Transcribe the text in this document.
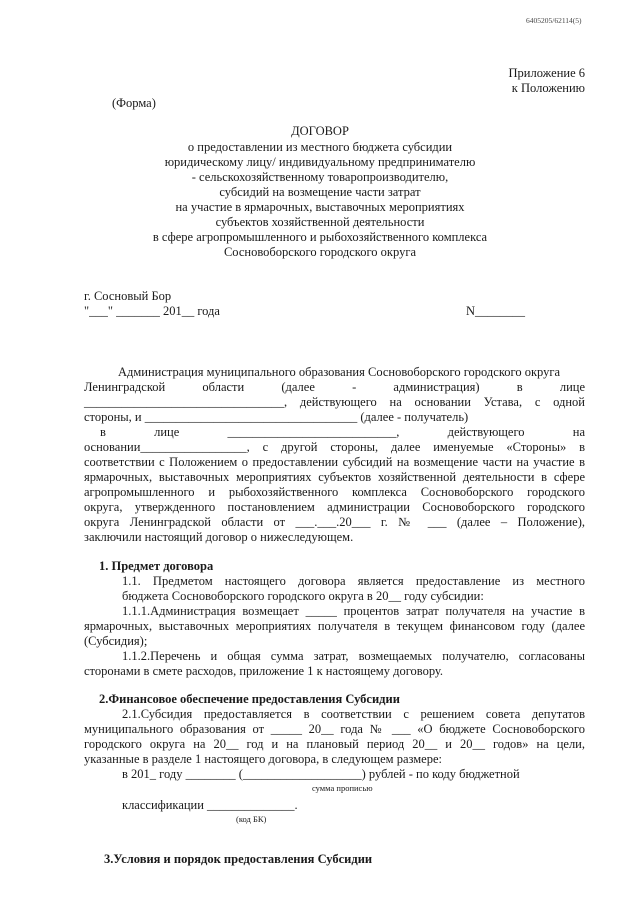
6405205/62114(5)

Приложение 6

к Положению

(Форма)

ДОГОВОР

о предоставлении из местного бюджета субсидии

юридическому лицу/ индивидуальному предпринимателю

- сельскохозяйственному товаропроизводителю,

субсидий на возмещение части затрат

на участие в ярмарочных, выставочных мероприятиях

субъектов хозяйственной деятельности

в сфере агропромышленного и рыбохозяйственного комплекса

Сосновоборского городского округа

г. Сосновый Бор

"___" _______ 201__ года	N________

Администрация муниципального образования Сосновоборского городского округа

Ленинградской области (далее - администрация) в лице

________________________________, действующего на основании Устава, с одной

стороны, и __________________________________ (далее - получатель)

в лице ___________________________, действующего на

основании_________________, с другой стороны, далее именуемые «Стороны» в

соответствии с Положением о предоставлении субсидий на возмещение части на участие в

ярмарочных, выставочных мероприятиях субъектов хозяйственной деятельности в сфере

агропромышленного и рыбохозяйственного комплекса Сосновоборского городского

округа, утвержденного постановлением администрации Сосновоборского городского

округа Ленинградской области от ___.___.20___ г. № ___ (далее – Положение),

заключили настоящий договор о нижеследующем.

1. Предмет договора

1.1. Предметом настоящего договора является предоставление из местного

бюджета Сосновоборского городского округа в 20__ году субсидии:

1.1.1.Администрация возмещает _____ процентов затрат получателя на участие в

ярмарочных, выставочных мероприятиях получателя в текущем финансовом году (далее

(Субсидия);

1.1.2.Перечень и общая сумма затрат, возмещаемых получателю, согласованы

сторонами в смете расходов, приложение 1 к настоящему договору.

2.Финансовое обеспечение предоставления Субсидии

2.1.Субсидия предоставляется в соответствии с решением совета депутатов

муниципального образования от _____ 20__ года № ___ «О бюджете Сосновоборского

городского округа на 20__ год и на плановый период 20__ и 20__ годов» на цели,

указанные в разделе 1 настоящего договора, в следующем размере:

в 201_ году ________ (___________________) рублей - по коду бюджетной

сумма прописью

классификации ______________.

(код БК)

3.Условия и порядок предоставления Субсидии
